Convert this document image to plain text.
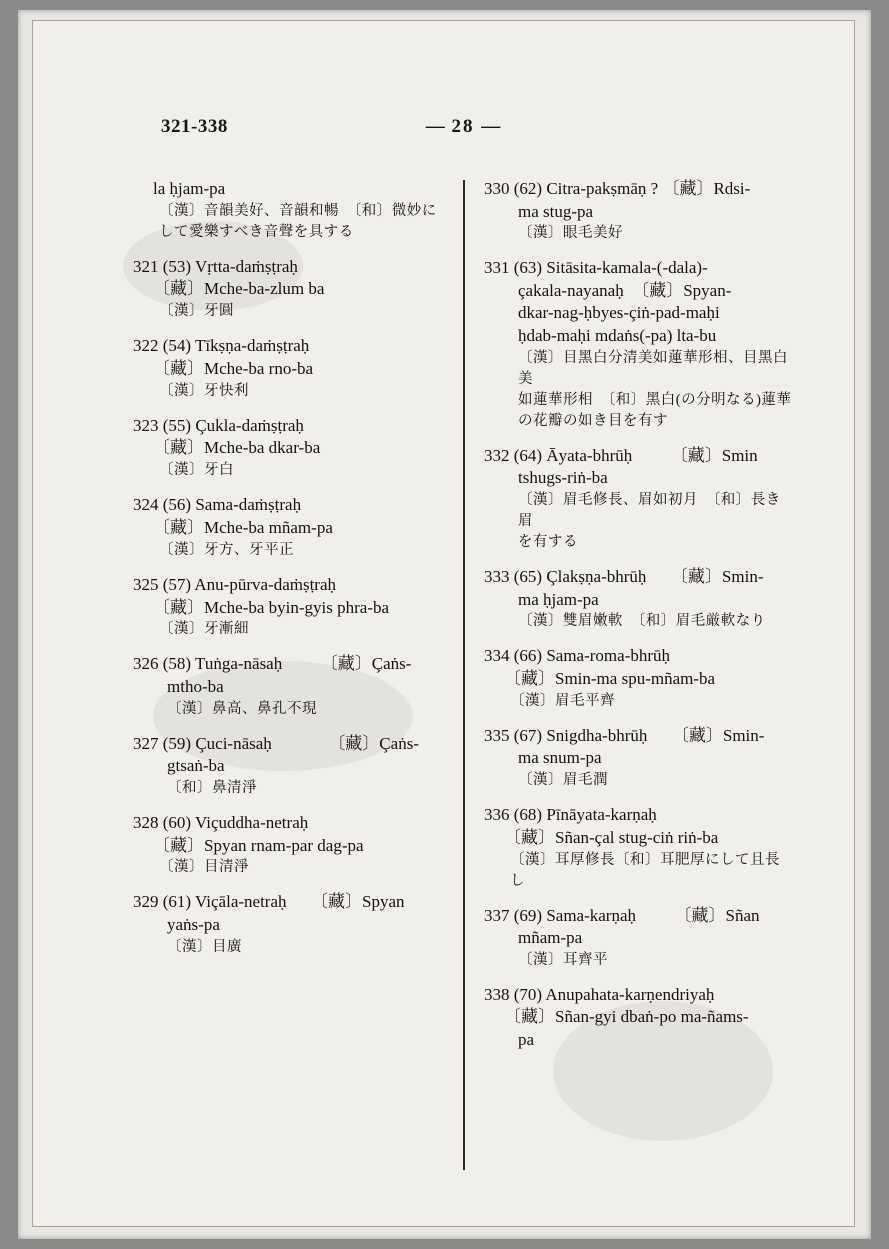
321-338	— 28 —
la ḥjam-pa
〔漢〕音韻美好、音韻和暢　〔和〕微妙に
して愛樂すべき音聲を具する
321 (53) Vṛtta-daṁṣṭraḥ
〔藏〕Mche-ba-zlum ba
〔漢〕牙圓
322 (54) Tīkṣṇa-daṁṣṭraḥ
〔藏〕Mche-ba rno-ba
〔漢〕牙快利
323 (55) Çukla-daṁṣṭraḥ
〔藏〕Mche-ba dkar-ba
〔漢〕牙白
324 (56) Sama-daṁṣṭraḥ
〔藏〕Mche-ba mñam-pa
〔漢〕牙方、牙平正
325 (57) Anu-pūrva-daṁṣṭraḥ
〔藏〕Mche-ba byin-gyis phra-ba
〔漢〕牙漸細
326 (58) Tuṅga-nāsaḥ 〔藏〕Çaṅs-
mtho-ba
〔漢〕鼻高、鼻孔不現
327 (59) Çuci-nāsaḥ	〔藏〕Çaṅs-
gtsaṅ-ba
〔和〕鼻清淨
328 (60) Viçuddha-netraḥ
〔藏〕Spyan rnam-par dag-pa
〔漢〕目清淨
329 (61) Viçāla-netraḥ 〔藏〕Spyan
yaṅs-pa
〔漢〕目廣
330 (62) Citra-pakṣmāṇ ? 〔藏〕Rdsi-
ma stug-pa
〔漢〕眼毛美好
331 (63) Sitāsita-kamala-(-dala)-
çakala-nayanaḥ　〔藏〕Spyan-
dkar-nag-ḥbyes-çiṅ-pad-maḥi
ḥdab-maḥi mdaṅs(-pa) lta-bu
〔漢〕目黑白分清美如蓮華形相、目黑白美
如蓮華形相　〔和〕黑白(の分明なる)蓮華
の花瓣の如き目を有す
332 (64) Āyata-bhrūḥ 〔藏〕Smin
tshugs-riṅ-ba
〔漢〕眉毛修長、眉如初月　〔和〕長き眉
を有する
333 (65) Çlakṣṇa-bhrūḥ 〔藏〕Smin-
ma ḥjam-pa
〔漢〕雙眉嫩軟　〔和〕眉毛厳軟なり
334 (66) Sama-roma-bhrūḥ
〔藏〕Smin-ma spu-mñam-ba
〔漢〕眉毛平齊
335 (67) Snigdha-bhrūḥ 〔藏〕Smin-
ma snum-pa
〔漢〕眉毛潤
336 (68) Pīnāyata-karṇaḥ
〔藏〕Sñan-çal stug-ciṅ riṅ-ba
〔漢〕耳厚修長〔和〕耳肥厚にして且長し
337 (69) Sama-karṇaḥ 〔藏〕Sñan
mñam-pa
〔漢〕耳齊平
338 (70) Anupahata-karṇendriyaḥ
〔藏〕Sñan-gyi dbaṅ-po ma-ñams-
pa
